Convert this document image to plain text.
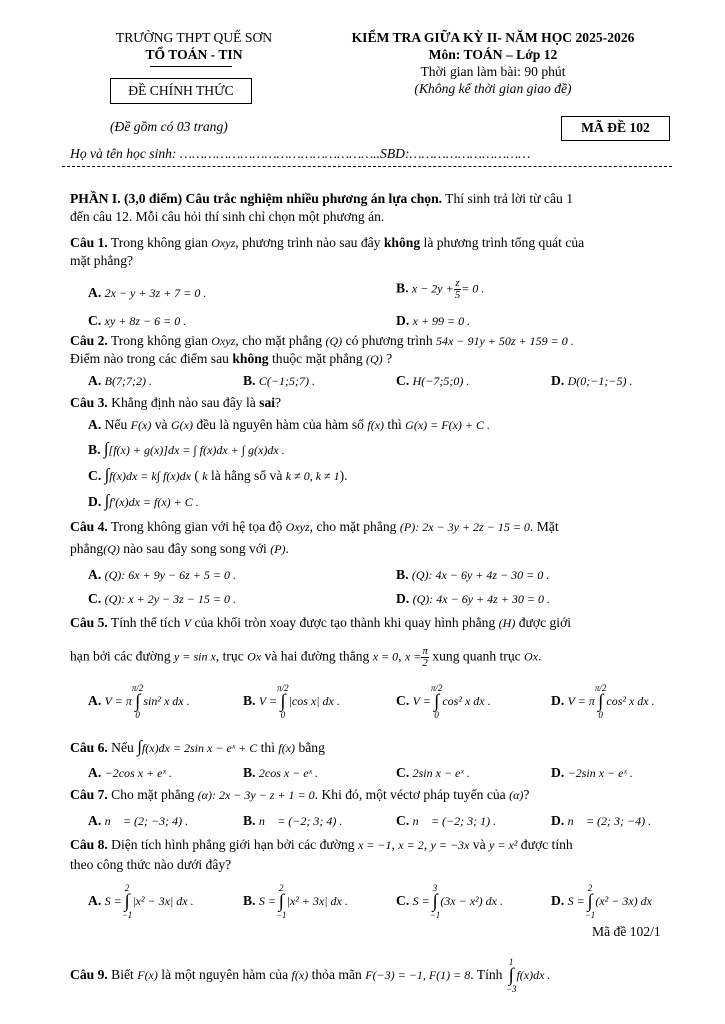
TRƯỜNG THPT QUẾ SƠN
TỔ TOÁN - TIN
ĐỀ CHÍNH THỨC
(Đề gồm có 03 trang)
KIỂM TRA GIỮA KỲ II- NĂM HỌC 2025-2026
Môn: TOÁN – Lớp 12
Thời gian làm bài: 90 phút
(Không kể thời gian giao đề)
MÃ ĐỀ 102
Họ và tên học sinh: …………………………………………..SBD:…………………………
PHẦN I. (3,0 điểm) Câu trắc nghiệm nhiều phương án lựa chọn. Thí sinh trả lời từ câu 1
đến câu 12. Mỗi câu hỏi thí sinh chỉ chọn một phương án.
Câu 1. Trong không gian Oxyz, phương trình nào sau đây không là phương trình tổng quát của
mặt phẳng?
A. 2x − y + 3z + 7 = 0 .	B. $x - 2y + \frac{z}{5} = 0$ .
C. xy + 8z − 6 = 0 .	D. x + 99 = 0 .
Câu 2. Trong không gian Oxyz, cho mặt phẳng (Q) có phương trình 54x − 91y + 50z + 159 = 0 .
Điểm nào trong các điểm sau không thuộc mặt phẳng (Q) ?
A. B(7;7;2) .	B. C(−1;5;7) .	C. H(−7;5;0) .	D. D(0;−1;−5) .
Câu 3. Khẳng định nào sau đây là sai?
A. Nếu F(x) và G(x) đều là nguyên hàm của hàm số f(x) thì G(x) = F(x) + C .
B. ∫[f(x) + g(x)]dx = ∫ f(x)dx + ∫ g(x)dx .
C. ∫f(x)dx = k∫ f(x)dx ( k là hằng số và k ≠ 0, k ≠ 1).
D. ∫f′(x)dx = f(x) + C .
Câu 4. Trong không gian với hệ tọa độ Oxyz, cho mặt phẳng (P): 2x − 3y + 2z − 15 = 0. Mặt
phẳng(Q) nào sau đây song song với (P).
A. (Q): 6x + 9y − 6z + 5 = 0 .	B. (Q): 4x − 6y + 4z − 30 = 0 .
C. (Q): x + 2y − 3z − 15 = 0 .	D. (Q): 4x − 6y + 4z + 30 = 0 .
Câu 5. Tính thể tích V của khối tròn xoay được tạo thành khi quay hình phẳng (H) được giới
hạn bởi các đường y = sin x, trục Ox và hai đường thẳng x = 0, $x = \frac{\pi}{2}$ xung quanh trục Ox.
A. V = π
π/2
∫
0
sin² x dx .	B. V =
π/2
∫
0
|cos x| dx .	C. V =
π/2
∫
0
cos² x dx .	D. V = π
π/2
∫
0
cos² x dx .
Câu 6. Nếu ∫f(x)dx = 2sin x − eˣ + C thì f(x) bằng
A. −2cos x + eˣ .	B. 2cos x − eˣ .	C. 2sin x − eˣ .	D. −2sin x − eˣ .
Câu 7. Cho mặt phẳng (α): 2x − 3y − z + 1 = 0. Khi đó, một véctơ pháp tuyến của (α)?
A. n⃗ = (2; −3; 4) .	B. n⃗ = (−2; 3; 4) .	C. n⃗ = (−2; 3; 1) .	D. n⃗ = (2; 3; −4) .
Câu 8. Diện tích hình phẳng giới hạn bởi các đường x = −1, x = 2, y = −3x và y = x² được tính
theo công thức nào dưới đây?
A. S =
2
∫
−1
|x² − 3x| dx .	B. S =
2
∫
−1
|x² + 3x| dx .	C. S =
3
∫
−1
(3x − x²) dx .	D. S =
2
∫
−1
(x² − 3x) dx
Mã đề 102/1
Câu 9. Biết F(x) là một nguyên hàm của f(x) thỏa mãn F(−3) = −1, F(1) = 8. Tính
1
∫
−3
f(x)dx .
